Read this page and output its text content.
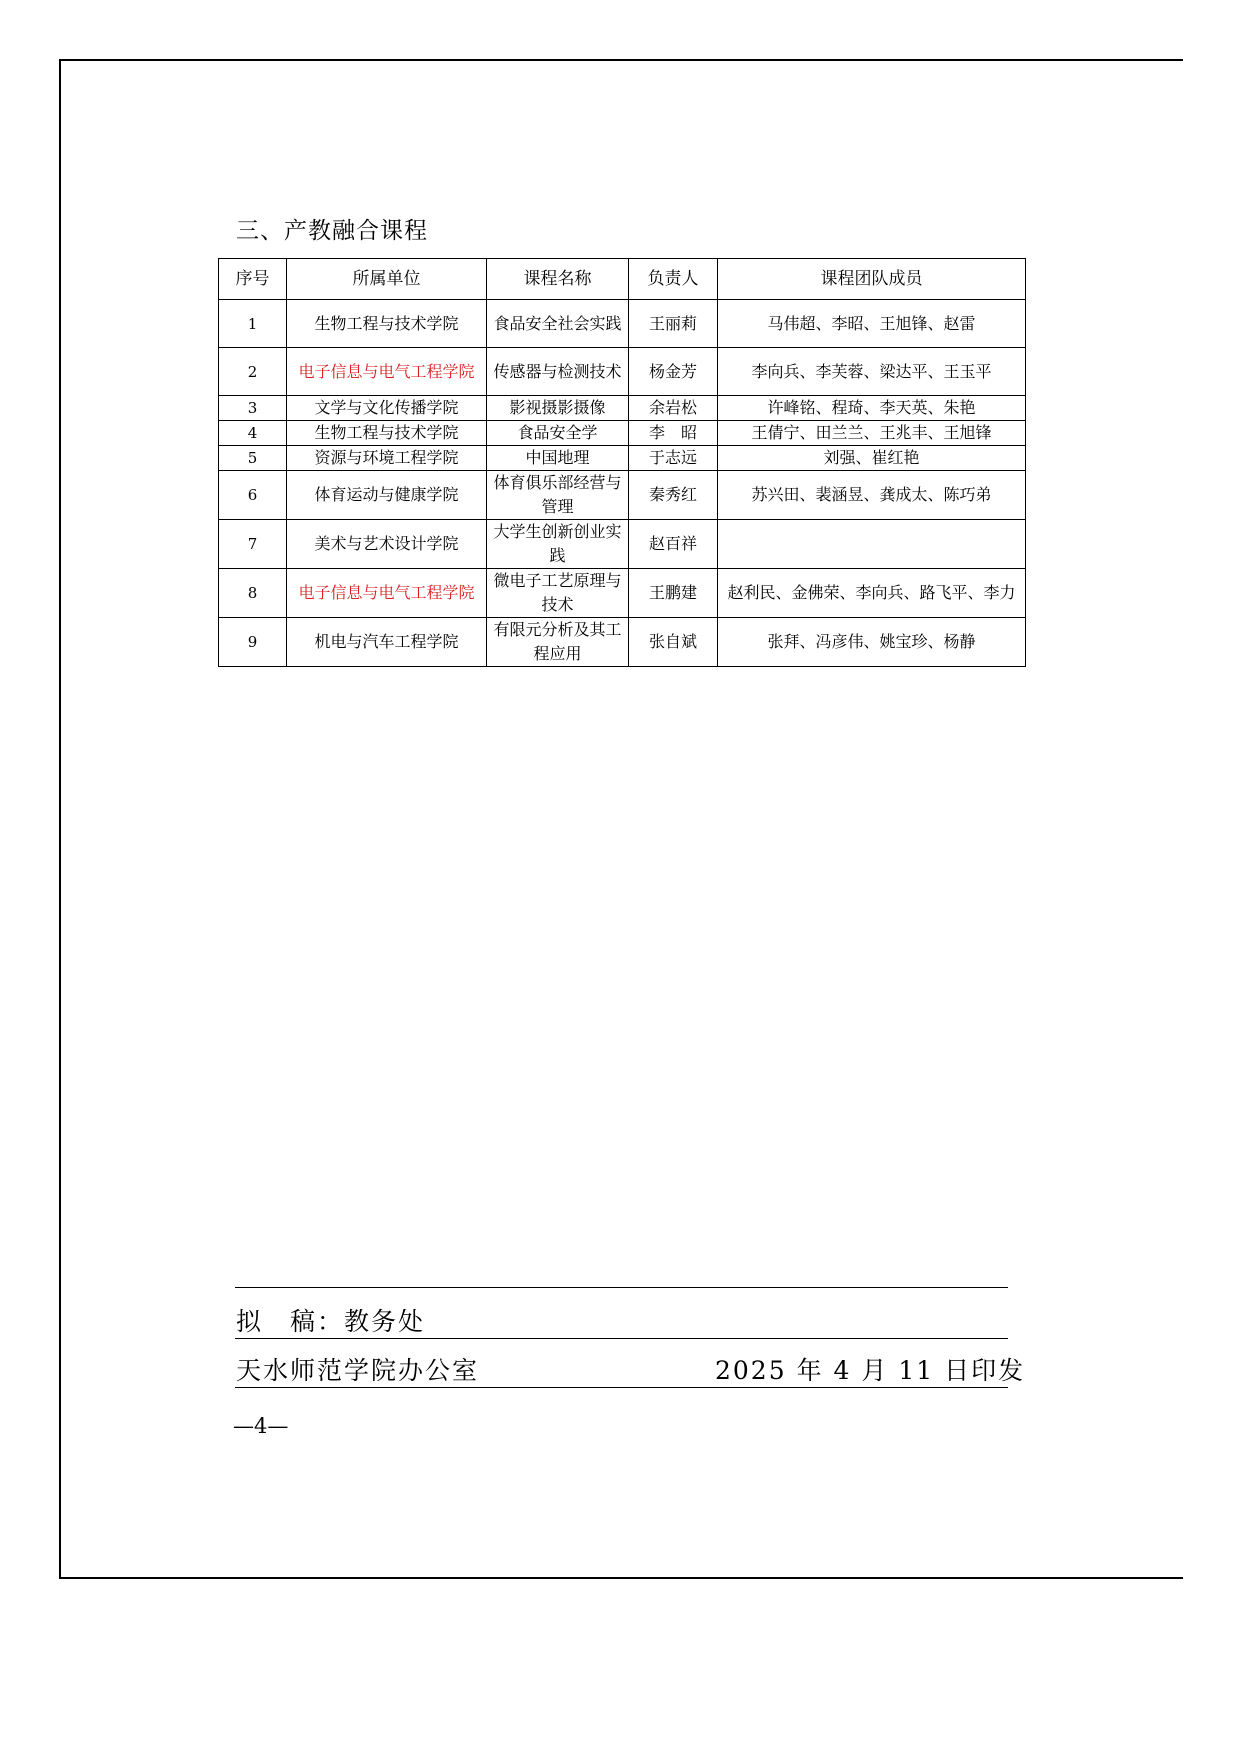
三、产教融合课程
序号	所属单位	课程名称	负责人	课程团队成员
1	生物工程与技术学院	食品安全社会实践	王丽莉	马伟超、李昭、王旭锋、赵雷
2	电子信息与电气工程学院	传感器与检测技术	杨金芳	李向兵、李芙蓉、梁达平、王玉平
3	文学与文化传播学院	影视摄影摄像	余岩松	许峰铭、程琦、李天英、朱艳
4	生物工程与技术学院	食品安全学	李　昭	王倩宁、田兰兰、王兆丰、王旭锋
5	资源与环境工程学院	中国地理	于志远	刘强、崔红艳
6	体育运动与健康学院	体育俱乐部经营与管理	秦秀红	苏兴田、裴涵昱、龚成太、陈巧弟
7	美术与艺术设计学院	大学生创新创业实践	赵百祥	
8	电子信息与电气工程学院	微电子工艺原理与技术	王鹏建	赵利民、金佛荣、李向兵、路飞平、李力
9	机电与汽车工程学院	有限元分析及其工程应用	张自斌	张拜、冯彦伟、姚宝珍、杨静
拟　稿：教务处
天水师范学院办公室	2025 年 4 月 11 日印发
—4—
